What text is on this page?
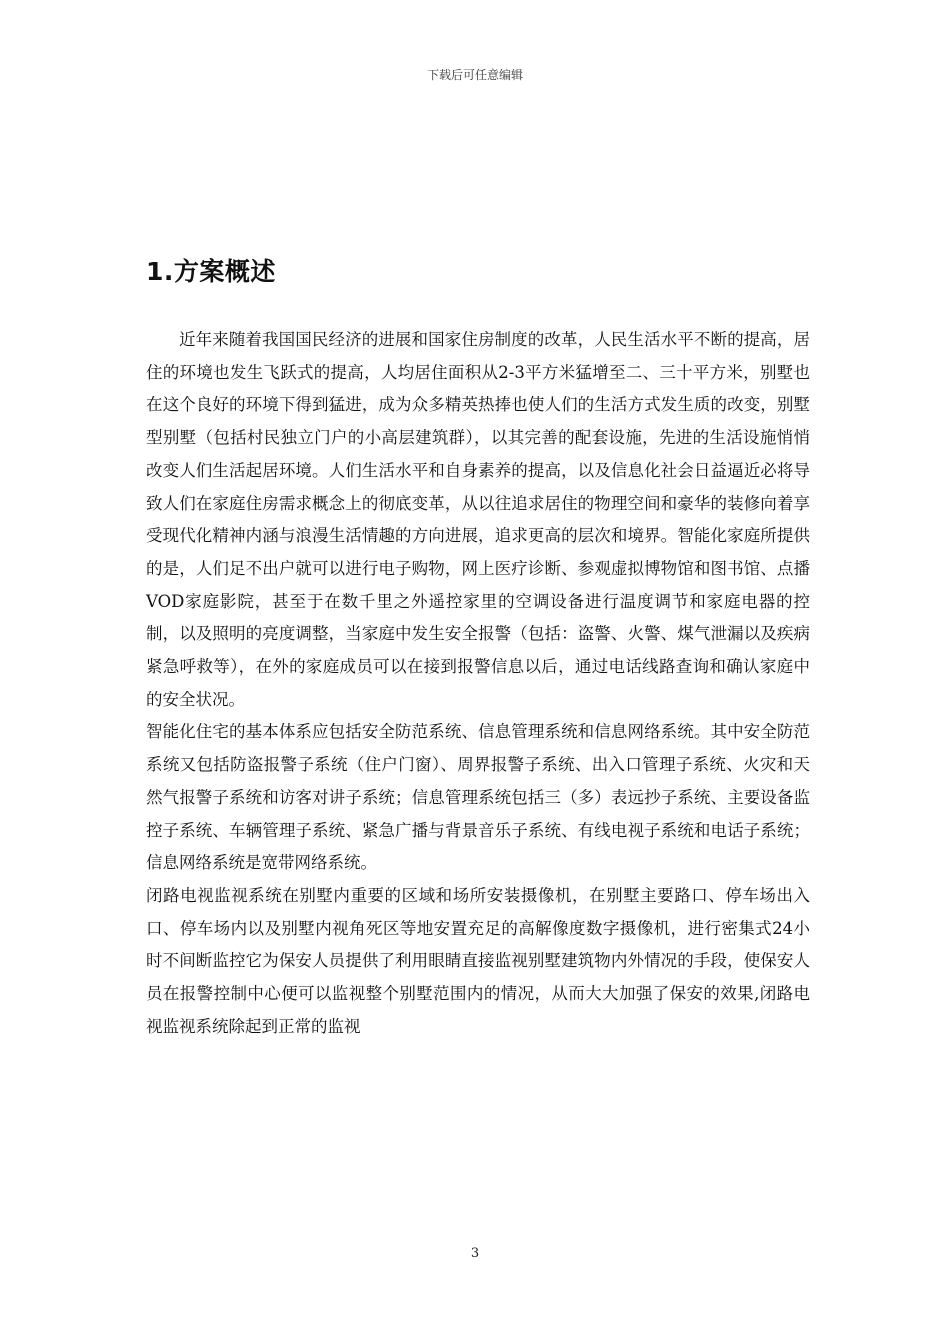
下载后可任意编辑
1.方案概述

近年来随着我国国民经济的进展和国家住房制度的改革，人民生活水平不断的提高，居住的环境也发生飞跃式的提高，人均居住面积从2-3平方米猛增至二、三十平方米，别墅也在这个良好的环境下得到猛进，成为众多精英热捧也使人们的生活方式发生质的改变，别墅型别墅（包括村民独立门户的小高层建筑群），以其完善的配套设施，先进的生活设施悄悄改变人们生活起居环境。人们生活水平和自身素养的提高，以及信息化社会日益逼近必将导致人们在家庭住房需求概念上的彻底变革，从以往追求居住的物理空间和豪华的装修向着享受现代化精神内涵与浪漫生活情趣的方向进展，追求更高的层次和境界。智能化家庭所提供的是，人们足不出户就可以进行电子购物，网上医疗诊断、参观虚拟博物馆和图书馆、点播VOD家庭影院，甚至于在数千里之外遥控家里的空调设备进行温度调节和家庭电器的控制，以及照明的亮度调整，当家庭中发生安全报警（包括：盗警、火警、煤气泄漏以及疾病紧急呼救等），在外的家庭成员可以在接到报警信息以后，通过电话线路查询和确认家庭中的安全状况。

智能化住宅的基本体系应包括安全防范系统、信息管理系统和信息网络系统。其中安全防范系统又包括防盗报警子系统（住户门窗）、周界报警子系统、出入口管理子系统、火灾和天然气报警子系统和访客对讲子系统；信息管理系统包括三（多）表远抄子系统、主要设备监控子系统、车辆管理子系统、紧急广播与背景音乐子系统、有线电视子系统和电话子系统；信息网络系统是宽带网络系统。

闭路电视监视系统在别墅内重要的区域和场所安装摄像机，在别墅主要路口、停车场出入口、停车场内以及别墅内视角死区等地安置充足的高解像度数字摄像机，进行密集式24小时不间断监控它为保安人员提供了利用眼睛直接监视别墅建筑物内外情况的手段，使保安人员在报警控制中心便可以监视整个别墅范围内的情况，从而大大加强了保安的效果,闭路电视监视系统除起到正常的监视

3
